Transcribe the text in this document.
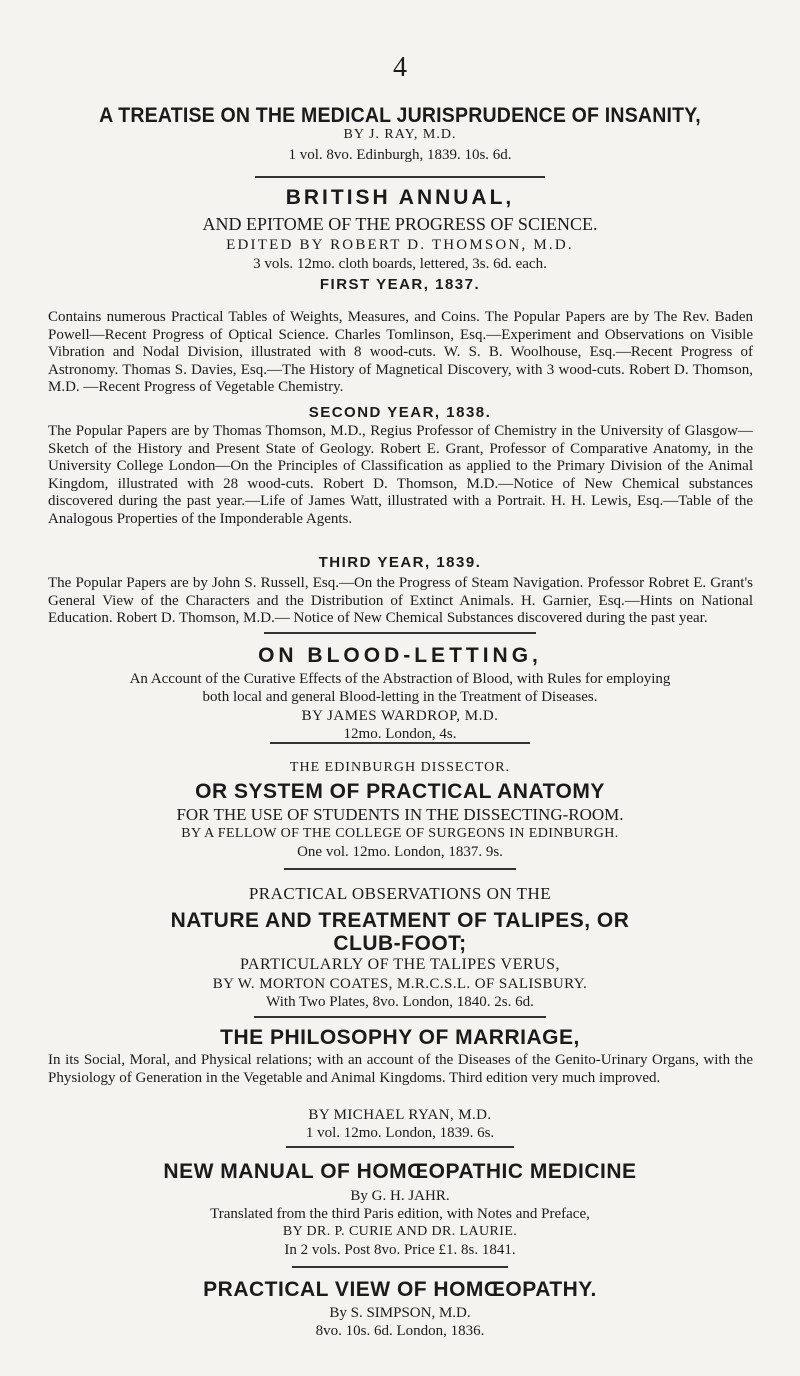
4
A TREATISE ON THE MEDICAL JURISPRUDENCE OF INSANITY,
BY J. RAY, M.D.
1 vol. 8vo. Edinburgh, 1839. 10s. 6d.
BRITISH ANNUAL,
AND EPITOME OF THE PROGRESS OF SCIENCE.
EDITED BY ROBERT D. THOMSON, M.D.
3 vols. 12mo. cloth boards, lettered, 3s. 6d. each.
FIRST YEAR, 1837.
Contains numerous Practical Tables of Weights, Measures, and Coins. The Popular Papers are by The Rev. Baden Powell—Recent Progress of Optical Science. Charles Tomlinson, Esq.—Experiment and Observations on Visible Vibration and Nodal Division, illustrated with 8 wood-cuts. W. S. B. Woolhouse, Esq.—Recent Progress of Astronomy. Thomas S. Davies, Esq.—The History of Magnetical Discovery, with 3 wood-cuts. Robert D. Thomson, M.D. —Recent Progress of Vegetable Chemistry.
SECOND YEAR, 1838.
The Popular Papers are by Thomas Thomson, M.D., Regius Professor of Chemistry in the University of Glasgow—Sketch of the History and Present State of Geology. Robert E. Grant, Professor of Comparative Anatomy, in the University College London—On the Principles of Classification as applied to the Primary Division of the Animal Kingdom, illustrated with 28 wood-cuts. Robert D. Thomson, M.D.—Notice of New Chemical substances discovered during the past year.—Life of James Watt, illustrated with a Portrait. H. H. Lewis, Esq.—Table of the Analogous Properties of the Imponderable Agents.
THIRD YEAR, 1839.
The Popular Papers are by John S. Russell, Esq.—On the Progress of Steam Navigation. Professor Robret E. Grant's General View of the Characters and the Distribution of Extinct Animals. H. Garnier, Esq.—Hints on National Education. Robert D. Thomson, M.D.— Notice of New Chemical Substances discovered during the past year.
ON BLOOD-LETTING,
An Account of the Curative Effects of the Abstraction of Blood, with Rules for employing
both local and general Blood-letting in the Treatment of Diseases.
BY JAMES WARDROP, M.D.
12mo. London, 4s.
THE EDINBURGH DISSECTOR.
OR SYSTEM OF PRACTICAL ANATOMY
FOR THE USE OF STUDENTS IN THE DISSECTING-ROOM.
BY A FELLOW OF THE COLLEGE OF SURGEONS IN EDINBURGH.
One vol. 12mo. London, 1837. 9s.
PRACTICAL OBSERVATIONS ON THE
NATURE AND TREATMENT OF TALIPES, OR
CLUB-FOOT;
PARTICULARLY OF THE TALIPES VERUS,
BY W. MORTON COATES, M.R.C.S.L. OF SALISBURY.
With Two Plates, 8vo. London, 1840. 2s. 6d.
THE PHILOSOPHY OF MARRIAGE,
In its Social, Moral, and Physical relations; with an account of the Diseases of the Genito-Urinary Organs, with the Physiology of Generation in the Vegetable and Animal Kingdoms. Third edition very much improved.
BY MICHAEL RYAN, M.D.
1 vol. 12mo. London, 1839. 6s.
NEW MANUAL OF HOMŒOPATHIC MEDICINE
By G. H. JAHR.
Translated from the third Paris edition, with Notes and Preface,
BY DR. P. CURIE AND DR. LAURIE.
In 2 vols. Post 8vo. Price £1. 8s. 1841.
PRACTICAL VIEW OF HOMŒOPATHY.
By S. SIMPSON, M.D.
8vo. 10s. 6d. London, 1836.
